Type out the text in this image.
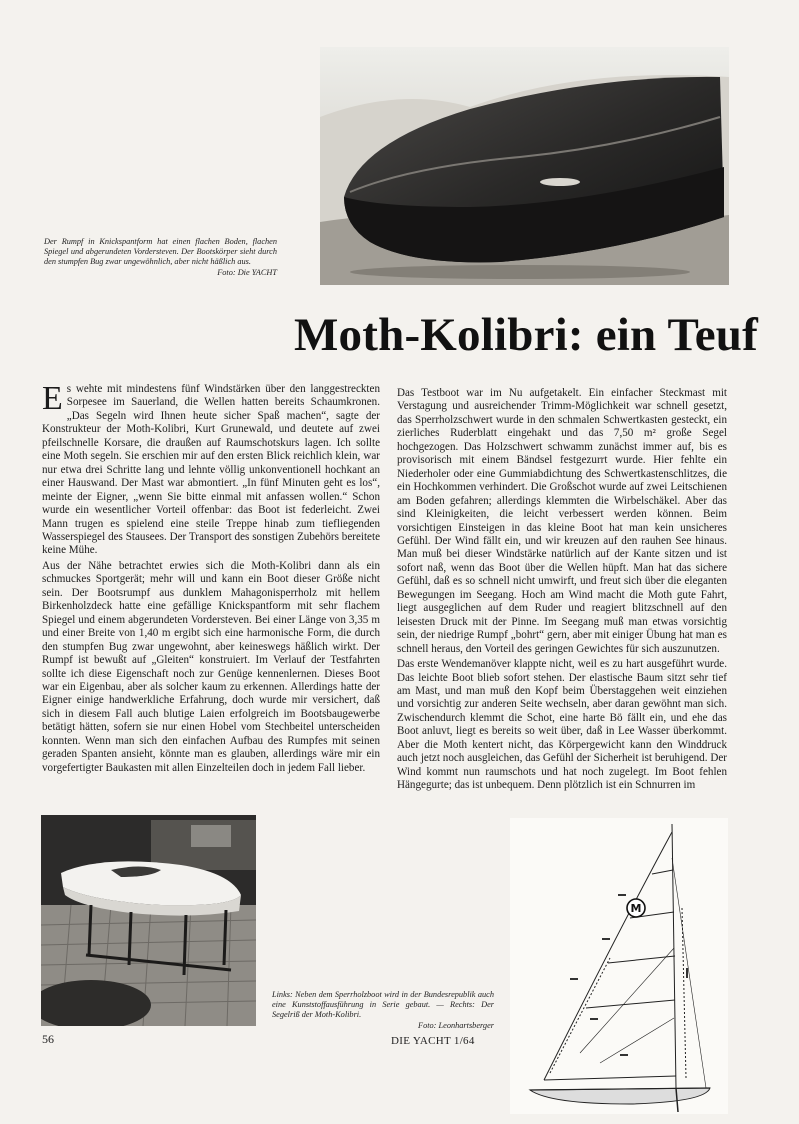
Der Rumpf in Knickspantform hat einen flachen Boden, flachen Spiegel und abgerundeten Vordersteven. Der Bootskörper sieht durch den stumpfen Bug zwar ungewöhnlich, aber nicht häßlich aus.
Foto: Die YACHT
Moth-Kolibri: ein Teuf

Es wehte mit mindestens fünf Windstärken über den langgestreckten Sorpesee im Sauerland, die Wellen hatten bereits Schaumkronen. „Das Segeln wird Ihnen heute sicher Spaß machen“, sagte der Konstrukteur der Moth-Kolibri, Kurt Grunewald, und deutete auf zwei pfeilschnelle Korsare, die draußen auf Raumschotskurs lagen. Ich sollte eine Moth segeln. Sie erschien mir auf den ersten Blick reichlich klein, war nur etwa drei Schritte lang und lehnte völlig unkonventionell hochkant an einer Hauswand. Der Mast war abmontiert. „In fünf Minuten geht es los“, meinte der Eigner, „wenn Sie bitte einmal mit anfassen wollen.“ Schon wurde ein wesentlicher Vorteil offenbar: das Boot ist federleicht. Zwei Mann trugen es spielend eine steile Treppe hinab zum tiefliegenden Wasserspiegel des Stausees. Der Transport des sonstigen Zubehörs bereitete keine Mühe.

Aus der Nähe betrachtet erwies sich die Moth-Kolibri dann als ein schmuckes Sportgerät; mehr will und kann ein Boot dieser Größe nicht sein. Der Bootsrumpf aus dunklem Mahagonisperrholz mit hellem Birkenholzdeck hatte eine gefällige Knickspantform mit sehr flachem Spiegel und einem abgerundeten Vordersteven. Bei einer Länge von 3,35 m und einer Breite von 1,40 m ergibt sich eine harmonische Form, die durch den stumpfen Bug zwar ungewohnt, aber keineswegs häßlich wirkt. Der Rumpf ist bewußt auf „Gleiten“ konstruiert. Im Verlauf der Testfahrten sollte ich diese Eigenschaft noch zur Genüge kennenlernen. Dieses Boot war ein Eigenbau, aber als solcher kaum zu erkennen. Allerdings hatte der Eigner einige handwerkliche Erfahrung, doch wurde mir versichert, daß sich in diesem Fall auch blutige Laien erfolgreich im Bootsbaugewerbe betätigt hätten, sofern sie nur einen Hobel vom Stechbeitel unterscheiden konnten. Wenn man sich den einfachen Aufbau des Rumpfes mit seinen geraden Spanten ansieht, könnte man es glauben, allerdings wäre mir ein vorgefertigter Baukasten mit allen Einzelteilen doch in jedem Fall lieber.

Das Testboot war im Nu aufgetakelt. Ein einfacher Steckmast mit Verstagung und ausreichender Trimm-Möglichkeit war schnell gesetzt, das Sperrholzschwert wurde in den schmalen Schwertkasten gesteckt, ein zierliches Ruderblatt eingehakt und das 7,50 m² große Segel hochgezogen. Das Holzschwert schwamm zunächst immer auf, bis es provisorisch mit einem Bändsel festgezurrt wurde. Hier fehlte ein Niederholer oder eine Gummiabdichtung des Schwertkastenschlitzes, die ein Hochkommen verhindert. Die Großschot wurde auf zwei Leitschienen am Boden gefahren; allerdings klemmten die Wirbelschäkel. Aber das sind Kleinigkeiten, die leicht verbessert werden können. Beim vorsichtigen Einsteigen in das kleine Boot hat man kein unsicheres Gefühl. Der Wind fällt ein, und wir kreuzen auf den rauhen See hinaus. Man muß bei dieser Windstärke natürlich auf der Kante sitzen und ist sofort naß, wenn das Boot über die Wellen hüpft. Man hat das sichere Gefühl, daß es so schnell nicht umwirft, und freut sich über die eleganten Bewegungen im Seegang. Hoch am Wind macht die Moth gute Fahrt, liegt ausgeglichen auf dem Ruder und reagiert blitzschnell auf den leisesten Druck mit der Pinne. Im Seegang muß man etwas vorsichtig sein, der niedrige Rumpf „bohrt“ gern, aber mit einiger Übung hat man es schnell heraus, den Vorteil des geringen Gewichtes für sich auszunutzen.

Das erste Wendemanöver klappte nicht, weil es zu hart ausgeführt wurde. Das leichte Boot blieb sofort stehen. Der elastische Baum sitzt sehr tief am Mast, und man muß den Kopf beim Überstaggehen weit einziehen und vorsichtig zur anderen Seite wechseln, aber daran gewöhnt man sich. Zwischendurch klemmt die Schot, eine harte Bö fällt ein, und ehe das Boot anluvt, liegt es bereits so weit über, daß in Lee Wasser überkommt. Aber die Moth kentert nicht, das Körpergewicht kann den Winddruck auch jetzt noch ausgleichen, das Gefühl der Sicherheit ist beruhigend. Der Wind kommt nun raumschots und hat noch zugelegt. Im Boot fehlen Hängegurte; das ist unbequem. Denn plötzlich ist ein Schnurren im

Links: Neben dem Sperrholzboot wird in der Bundesrepublik auch eine Kunststoffausführung in Serie gebaut. — Rechts: Der Segelriß der Moth-Kolibri.
Foto: Leonhartsberger
M
56	DIE YACHT 1/64
